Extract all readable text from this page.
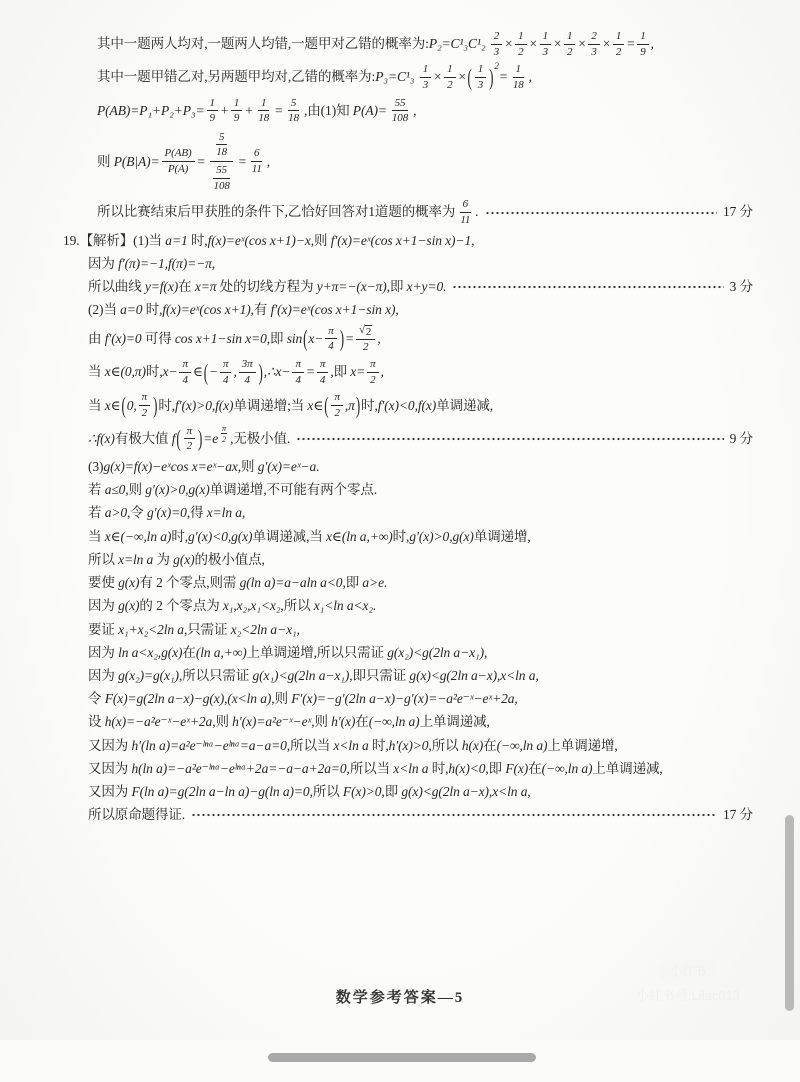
其中一题两人均对,一题两人均错,一题甲对乙错的概率为: $P_2=C^1_3C^1_2 \frac{2}{3} \times \frac{1}{2} \times \frac{1}{3} \times \frac{1}{2} \times \frac{2}{3} \times \frac{1}{2} = \frac{1}{9}$ ,
其中一题甲错乙对,另两题甲均对,乙错的概率为: $P_3=C^1_3 \frac{1}{3} \times \frac{1}{2}$ × ( $\frac{1}{3}$ ) $^2$
= $\frac{1}{18}$ ,
$P(AB)=P_1+P_2+P_3= \frac{1}{9} + \frac{1}{9} + \frac{1}{18} = \frac{5}{18}$ , 由(1)知 $P(A)= \frac{55}{108}$ ,
则 $P(B|A)= \frac{P(AB)}{P(A)} = \frac{\frac{5}{18}}{\frac{55}{108}} = \frac{6}{11}$ ,
所以比赛结束后甲获胜的条件下,乙恰好回答对1道题的概率为 $\frac{6}{11}$ .	17 分
19.【解析】(1)当 a=1 时, f(x)=eˣ(cos x+1)−x ,则 f′(x)=eˣ(cos x+1−sin x)−1,
因为 f′(π)=−1,f(π)=−π,
所以曲线 y=f(x) 在 x=π 处的切线方程为 y+π=−(x−π) ,即 x+y=0.	3 分
(2)当 a=0 时, f(x)=eˣ(cos x+1) ,有 f′(x)=eˣ(cos x+1−sin x),
由 f′(x)=0 可得 cos x+1−sin x=0 ,即 sin ( $x- \frac{\pi}{4}$ ) = $\frac{√ 2}{2}$ ,
当 x∈(0,π) 时, $x- \frac{\pi}{4}$ ∈ ( − $\frac{\pi}{4}$ , $\frac{3\pi}{4}$ ) ,∴x− $\frac{\pi}{4} = \frac{\pi}{4}$ ,即 $x= \frac{\pi}{2}$ ,
当 x∈ ( 0, $\frac{\pi}{2}$ ) 时, f′(x)>0,f(x) 单调递增;当 x∈ ( $\frac{\pi}{2} ,\pi$ ) 时, f′(x)<0,f(x) 单调递减,
∴f(x) 有极大值 f ( $\frac{\pi}{2}$ ) =e $^{\frac{\pi}{2}}$ ,无极小值.	9 分
(3) g(x)=f(x)−eˣcos x=eˣ−ax ,则 g′(x)=eˣ−a.
若 a≤0 ,则 g′(x)>0,g(x) 单调递增,不可能有两个零点.
若 a>0 ,令 g′(x)=0 ,得 x=ln a,
当 x∈(−∞,ln a) 时, g′(x)<0,g(x) 单调递减,当 x∈(ln a,+∞) 时, g′(x)>0,g(x) 单调递增,
所以 x=ln a 为 g(x) 的极小值点,
要使 g(x) 有 2 个零点,则需 g(ln a)=a−aln a<0 ,即 a>e.
因为 g(x) 的 2 个零点为 x₁,x₂,x₁<x₂ ,所以 x₁<ln a<x₂.
要证 x₁+x₂<2ln a ,只需证 x₂<2ln a−x₁,
因为 ln a<x₂,g(x) 在 (ln a,+∞) 上单调递增,所以只需证 g(x₂)<g(2ln a−x₁),
因为 g(x₂)=g(x₁) ,所以只需证 g(x₁)<g(2ln a−x₁) ,即只需证 g(x)<g(2ln a−x),x<ln a,
令 F(x)=g(2ln a−x)−g(x),(x<ln a) ,则 F′(x)=−g′(2ln a−x)−g′(x)=−a²e⁻ˣ−eˣ+2a,
设 h(x)=−a²e⁻ˣ−eˣ+2a ,则 h′(x)=a²e⁻ˣ−eˣ ,则 h′(x) 在 (−∞,ln a) 上单调递减,
又因为 h′(ln a)=a²e⁻ˡⁿᵃ−eˡⁿᵃ=a−a=0 ,所以当 x<ln a 时, h′(x)>0 ,所以 h(x) 在 (−∞,ln a) 上单调递增,
又因为 h(ln a)=−a²e⁻ˡⁿᵃ−eˡⁿᵃ+2a=−a−a+2a=0 ,所以当 x<ln a 时, h(x)<0 ,即 F(x) 在 (−∞,ln a) 上单调递减,
又因为 F(ln a)=g(2ln a−ln a)−g(ln a)=0 ,所以 F(x)>0 ,即 g(x)<g(2ln a−x),x<ln a,
所以原命题得证.	17 分
数学参考答案—5
小红书
小红书号:Lilac013
